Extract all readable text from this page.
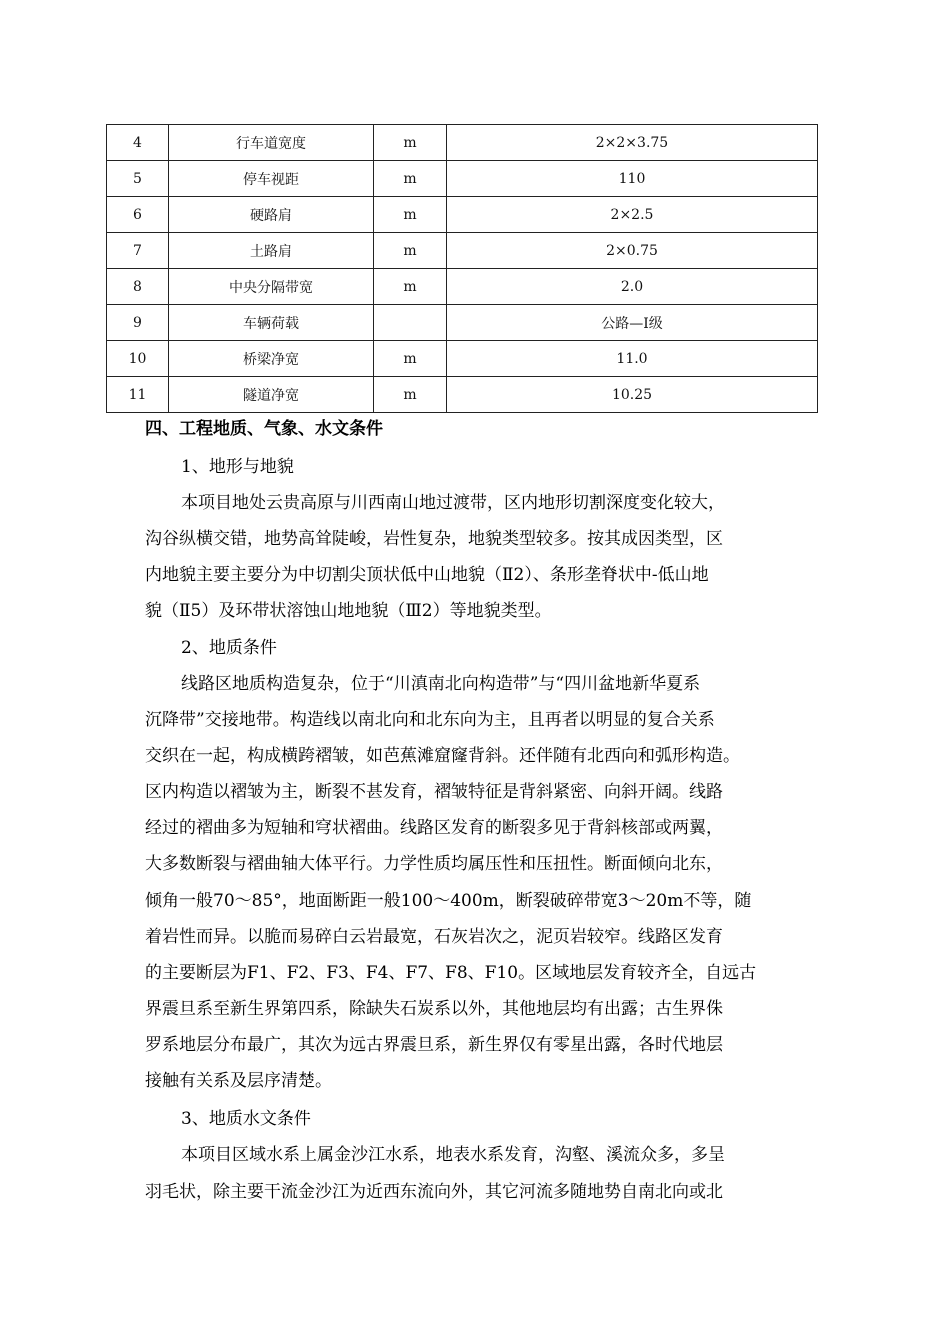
4	行车道宽度	m	2×2×3.75
5	停车视距	m	110
6	硬路肩	m	2×2.5
7	土路肩	m	2×0.75
8	中央分隔带宽	m	2.0
9	车辆荷载		公路—Ⅰ级
10	桥梁净宽	m	11.0
11	隧道净宽	m	10.25
四、工程地质、气象、水文条件
1、地形与地貌
本项目地处云贵高原与川西南山地过渡带，区内地形切割深度变化较大，
沟谷纵横交错，地势高耸陡峻，岩性复杂，地貌类型较多。按其成因类型，区
内地貌主要主要分为中切割尖顶状低中山地貌（Ⅱ2）、条形垄脊状中-低山地
貌（Ⅱ5）及环带状溶蚀山地地貌（Ⅲ2）等地貌类型。
2、地质条件
线路区地质构造复杂，位于“川滇南北向构造带”与“四川盆地新华夏系
沉降带”交接地带。构造线以南北向和北东向为主，且再者以明显的复合关系
交织在一起，构成横跨褶皱，如芭蕉滩窟窿背斜。还伴随有北西向和弧形构造。
区内构造以褶皱为主，断裂不甚发育，褶皱特征是背斜紧密、向斜开阔。线路
经过的褶曲多为短轴和穹状褶曲。线路区发育的断裂多见于背斜核部或两翼，
大多数断裂与褶曲轴大体平行。力学性质均属压性和压扭性。断面倾向北东，
倾角一般70～85°，地面断距一般100～400m，断裂破碎带宽3～20m不等，随
着岩性而异。以脆而易碎白云岩最宽，石灰岩次之，泥页岩较窄。线路区发育
的主要断层为F1、F2、F3、F4、F7、F8、F10。区域地层发育较齐全，自远古
界震旦系至新生界第四系，除缺失石炭系以外，其他地层均有出露；古生界侏
罗系地层分布最广，其次为远古界震旦系，新生界仅有零星出露，各时代地层
接触有关系及层序清楚。
3、地质水文条件
本项目区域水系上属金沙江水系，地表水系发育，沟壑、溪流众多，多呈
羽毛状，除主要干流金沙江为近西东流向外，其它河流多随地势自南北向或北
